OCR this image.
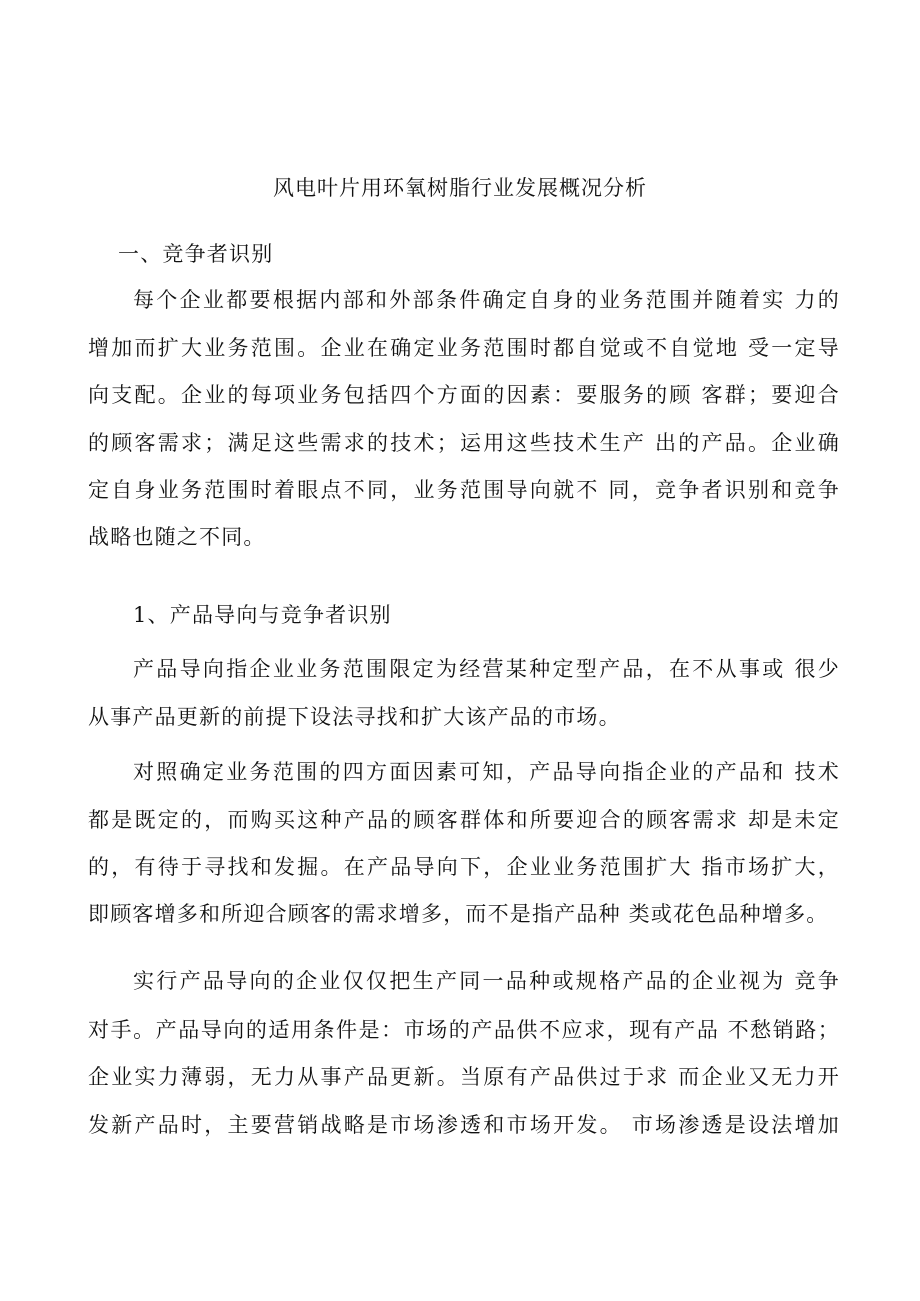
风电叶片用环氧树脂行业发展概况分析
一、竞争者识别
每个企业都要根据内部和外部条件确定自身的业务范围并随着实 力的
增加而扩大业务范围。企业在确定业务范围时都自觉或不自觉地 受一定导
向支配。企业的每项业务包括四个方面的因素：要服务的顾 客群；要迎合
的顾客需求；满足这些需求的技术；运用这些技术生产 出的产品。企业确
定自身业务范围时着眼点不同，业务范围导向就不 同，竞争者识别和竞争
战略也随之不同。
1、产品导向与竞争者识别
产品导向指企业业务范围限定为经营某种定型产品，在不从事或 很少
从事产品更新的前提下设法寻找和扩大该产品的市场。
对照确定业务范围的四方面因素可知，产品导向指企业的产品和 技术
都是既定的，而购买这种产品的顾客群体和所要迎合的顾客需求 却是未定
的，有待于寻找和发掘。在产品导向下，企业业务范围扩大 指市场扩大，
即顾客增多和所迎合顾客的需求增多，而不是指产品种 类或花色品种增多。
实行产品导向的企业仅仅把生产同一品种或规格产品的企业视为 竞争
对手。产品导向的适用条件是：市场的产品供不应求，现有产品 不愁销路；
企业实力薄弱，无力从事产品更新。当原有产品供过于求 而企业又无力开
发新产品时，主要营销战略是市场渗透和市场开发。 市场渗透是设法增加
